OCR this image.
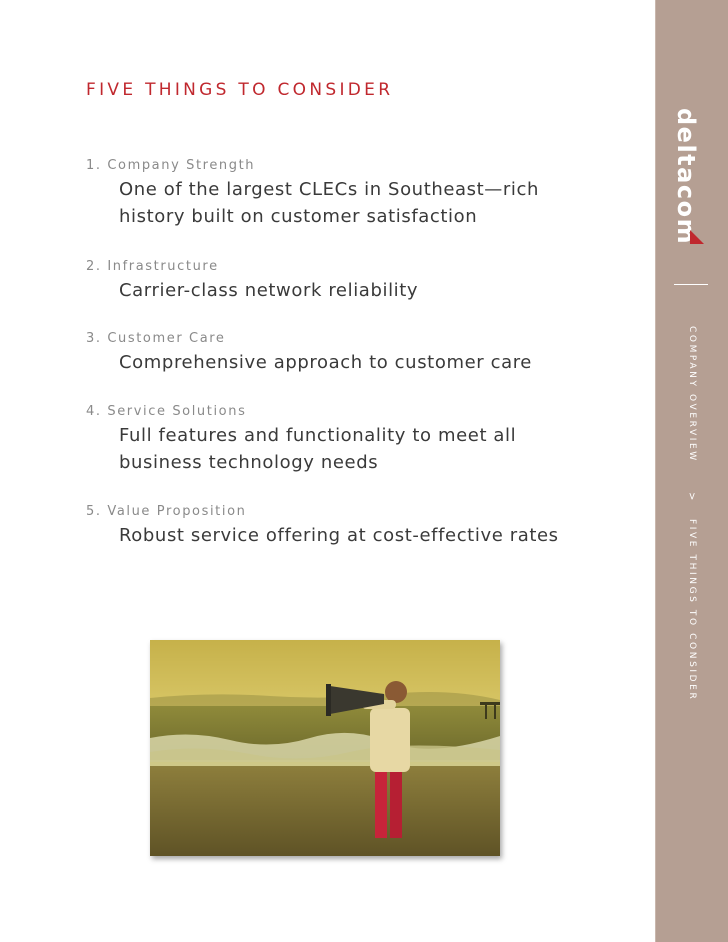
FIVE THINGS TO CONSIDER
1. Company Strength
One of the largest CLECs in Southeast—rich
history built on customer satisfaction
2. Infrastructure
Carrier-class network reliability
3. Customer Care
Comprehensive approach to customer care
4. Service Solutions
Full features and functionality to meet all
business technology needs
5. Value Proposition
Robust service offering at cost-effective rates
deltacom
COMPANY OVERVIEW
>
FIVE THINGS TO CONSIDER
